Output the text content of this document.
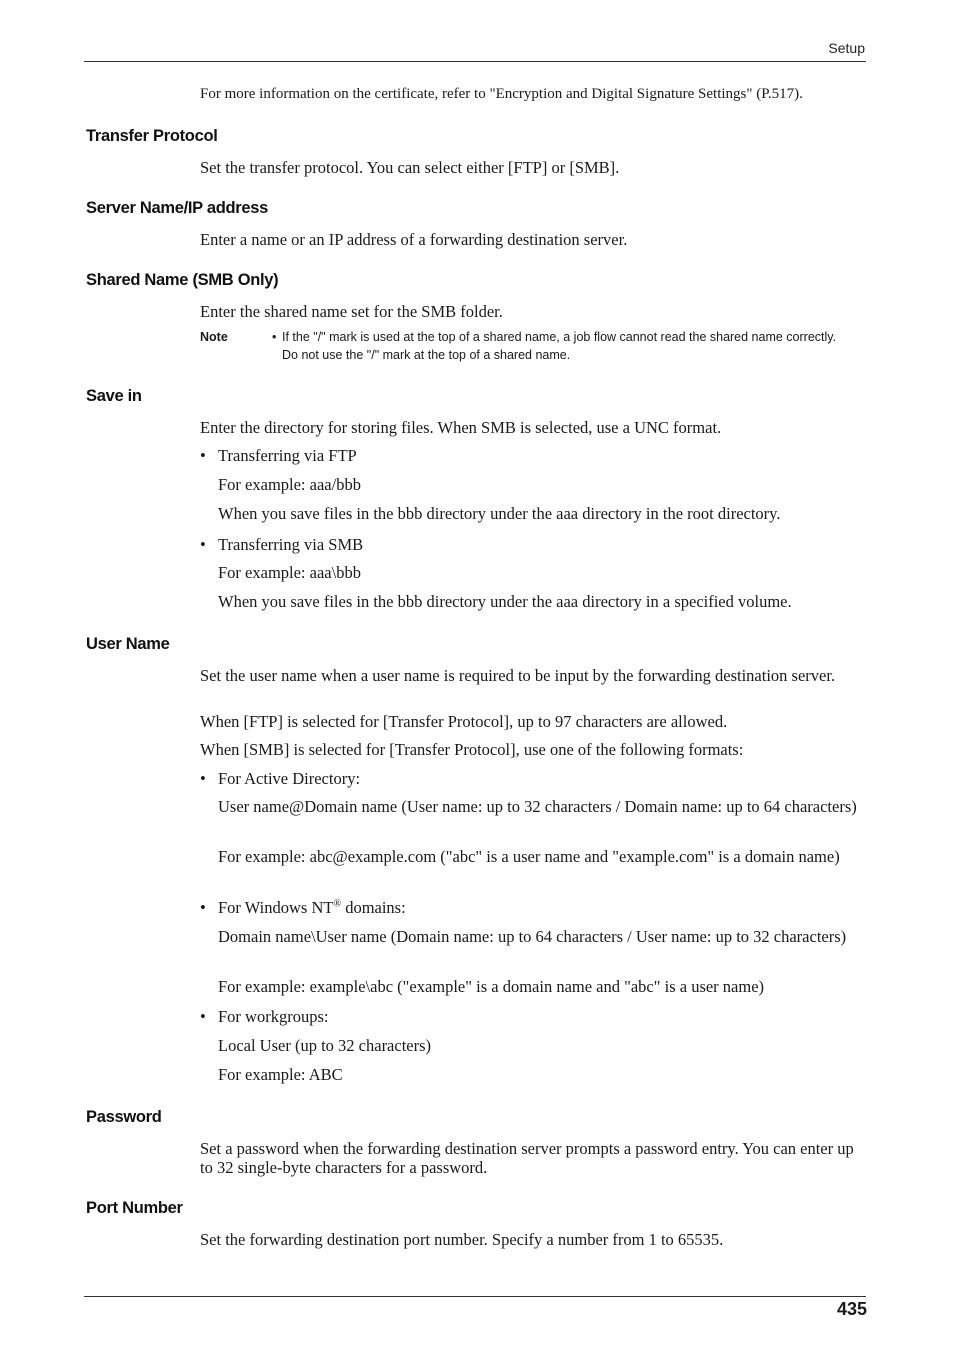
Setup
For more information on the certificate, refer to "Encryption and Digital Signature Settings" (P.517).
Transfer Protocol
Set the transfer protocol. You can select either [FTP] or [SMB].
Server Name/IP address
Enter a name or an IP address of a forwarding destination server.
Shared Name (SMB Only)
Enter the shared name set for the SMB folder.
Note	• If the "/" mark is used at the top of a shared name, a job flow cannot read the shared name correctly.
Do not use the "/" mark at the top of a shared name.
Save in
Enter the directory for storing files. When SMB is selected, use a UNC format.
• Transferring via FTP
For example: aaa/bbb
When you save files in the bbb directory under the aaa directory in the root directory.
• Transferring via SMB
For example: aaa\bbb
When you save files in the bbb directory under the aaa directory in a specified volume.
User Name
Set the user name when a user name is required to be input by the forwarding destination server.
When [FTP] is selected for [Transfer Protocol], up to 97 characters are allowed.
When [SMB] is selected for [Transfer Protocol], use one of the following formats:
• For Active Directory:
User name@Domain name (User name: up to 32 characters / Domain name: up to 64 characters)
For example: abc@example.com ("abc" is a user name and "example.com" is a domain name)
• For Windows NT® domains:
Domain name\User name (Domain name: up to 64 characters / User name: up to 32 characters)
For example: example\abc ("example" is a domain name and "abc" is a user name)
• For workgroups:
Local User (up to 32 characters)
For example: ABC
Password
Set a password when the forwarding destination server prompts a password entry. You can enter up to 32 single-byte characters for a password.
Port Number
Set the forwarding destination port number. Specify a number from 1 to 65535.
435
